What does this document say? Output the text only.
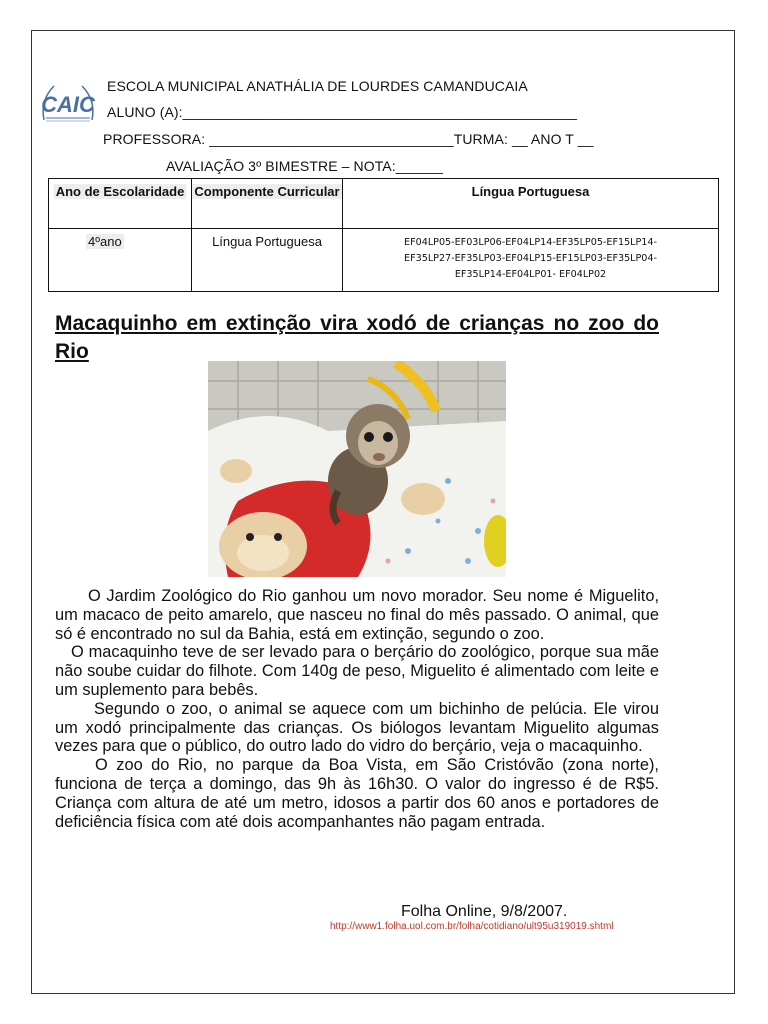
CAIC
ESCOLA MUNICIPAL ANATHÁLIA DE LOURDES CAMANDUCAIA
ALUNO (A):__________________________________________________
PROFESSORA: _______________________________TURMA: __ ANO T __
AVALIAÇÃO 3º BIMESTRE – NOTA:______
Ano de Escolaridade	Componente Curricular	Língua Portuguesa
4ºano	Língua Portuguesa	EF04LP05-EF03LP06-EF04LP14-EF35LP05-EF15LP14-
EF35LP27-EF35LP03-EF04LP15-EF15LP03-EF35LP04-
EF35LP14-EF04LP01- EF04LP02
Macaquinho em extinção vira xodó de crianças no zoo do Rio

O Jardim Zoológico do Rio ganhou um novo morador. Seu nome é Miguelito, um macaco de peito amarelo, que nasceu no final do mês passado. O animal, que só é encontrado no sul da Bahia, está em extinção, segundo o zoo.

O macaquinho teve de ser levado para o berçário do zoológico, porque sua mãe não soube cuidar do filhote. Com 140g de peso, Miguelito é alimentado com leite e um suplemento para bebês.

Segundo o zoo, o animal se aquece com um bichinho de pelúcia. Ele virou um xodó principalmente das crianças. Os biólogos levantam Miguelito algumas vezes para que o público, do outro lado do vidro do berçário, veja o macaquinho.

O zoo do Rio, no parque da Boa Vista, em São Cristóvão (zona norte), funciona de terça a domingo, das 9h às 16h30. O valor do ingresso é de R$5. Criança com altura de até um metro, idosos a partir dos 60 anos e portadores de deficiência física com até dois acompanhantes não pagam entrada.

Folha Online, 9/8/2007.
http://www1.folha.uol.com.br/folha/cotidiano/ult95u319019.shtml
